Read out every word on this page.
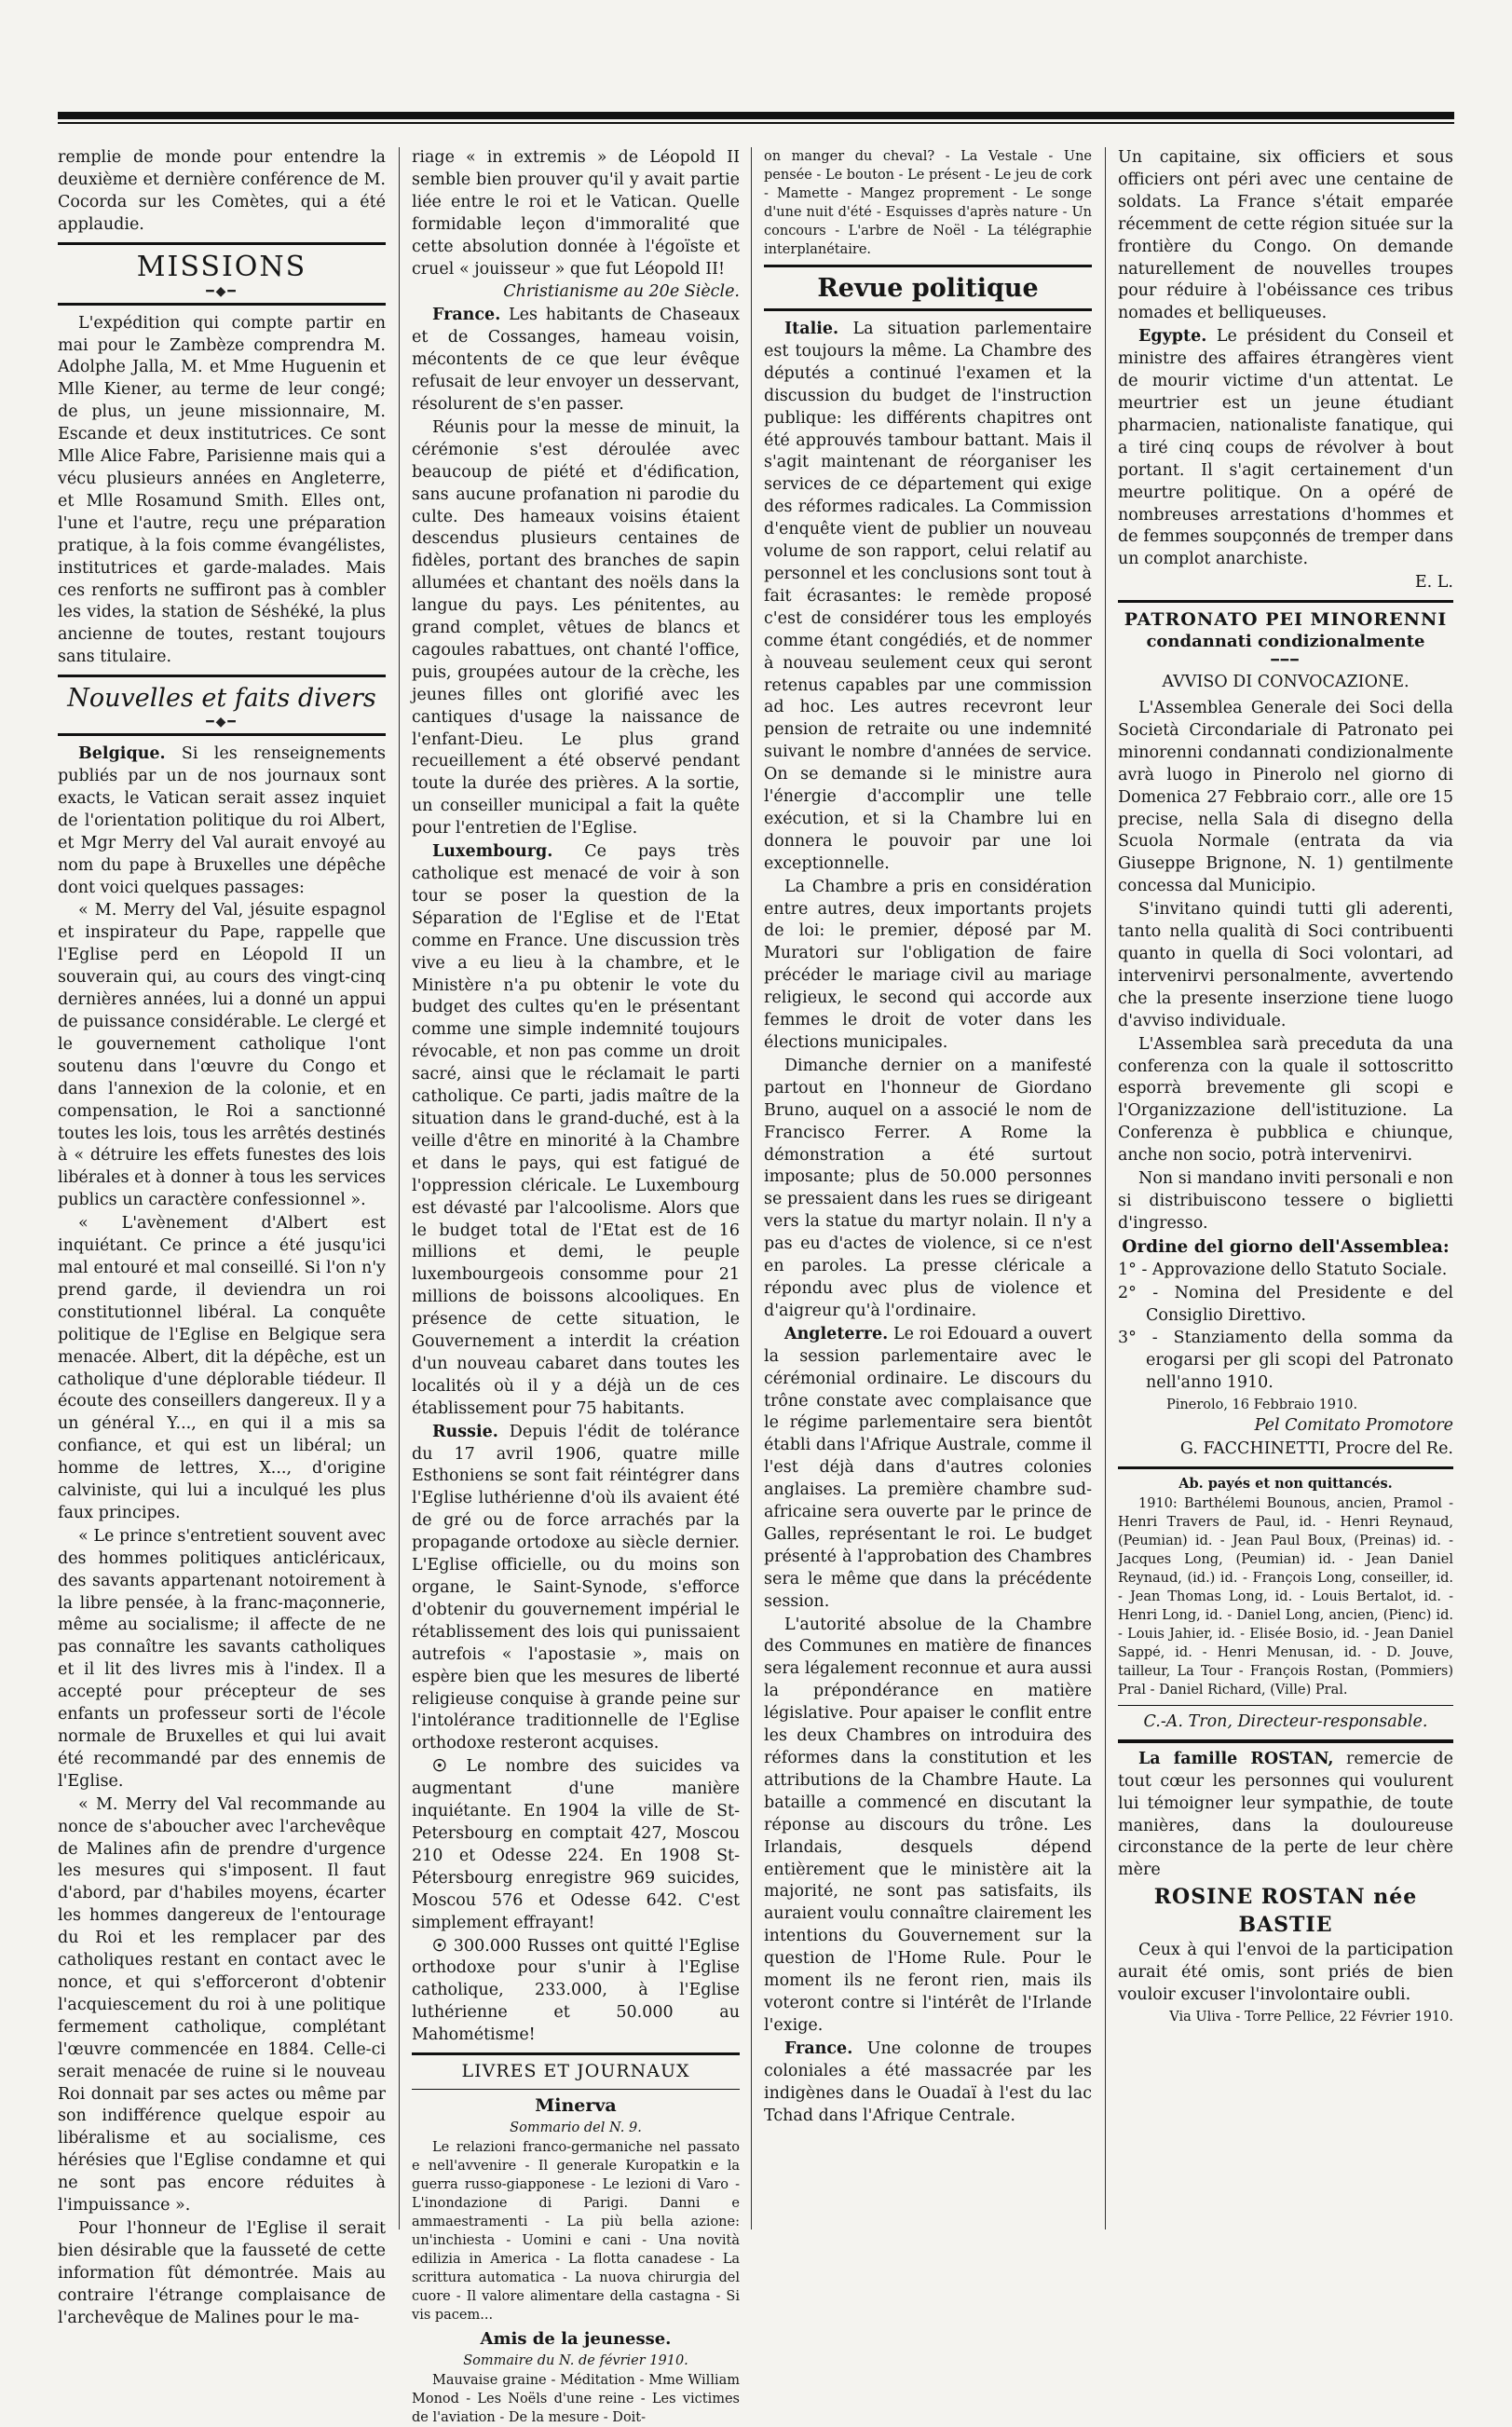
remplie de monde pour entendre la deuxième et dernière conférence de M. Cocorda sur les Comètes, qui a été applaudie.

MISSIONS
━◆━

L'expédition qui compte partir en mai pour le Zambèze comprendra M. Adolphe Jalla, M. et Mme Huguenin et Mlle Kiener, au terme de leur congé; de plus, un jeune missionnaire, M. Escande et deux institutrices. Ce sont Mlle Alice Fabre, Parisienne mais qui a vécu plusieurs années en Angleterre, et Mlle Rosamund Smith. Elles ont, l'une et l'autre, reçu une préparation pratique, à la fois comme évangélistes, institutrices et garde-malades. Mais ces renforts ne suffiront pas à combler les vides, la station de Séshéké, la plus ancienne de toutes, restant toujours sans titulaire.

Nouvelles et faits divers
━◆━

Belgique. Si les renseignements publiés par un de nos journaux sont exacts, le Vatican serait assez inquiet de l'orientation politique du roi Albert, et Mgr Merry del Val aurait envoyé au nom du pape à Bruxelles une dépêche dont voici quelques passages:

« M. Merry del Val, jésuite espagnol et inspirateur du Pape, rappelle que l'Eglise perd en Léopold II un souverain qui, au cours des vingt-cinq dernières années, lui a donné un appui de puissance considérable. Le clergé et le gouvernement catholique l'ont soutenu dans l'œuvre du Congo et dans l'annexion de la colonie, et en compensation, le Roi a sanctionné toutes les lois, tous les arrêtés destinés à « détruire les effets funestes des lois libérales et à donner à tous les services publics un caractère confessionnel ».

« L'avènement d'Albert est inquiétant. Ce prince a été jusqu'ici mal entouré et mal conseillé. Si l'on n'y prend garde, il deviendra un roi constitutionnel libéral. La conquête politique de l'Eglise en Belgique sera menacée. Albert, dit la dépêche, est un catholique d'une déplorable tiédeur. Il écoute des conseillers dangereux. Il y a un général Y..., en qui il a mis sa confiance, et qui est un libéral; un homme de lettres, X..., d'origine calviniste, qui lui a inculqué les plus faux principes.

« Le prince s'entretient souvent avec des hommes politiques anticléricaux, des savants appartenant notoirement à la libre pensée, à la franc-maçonnerie, même au socialisme; il affecte de ne pas connaître les savants catholiques et il lit des livres mis à l'index. Il a accepté pour précepteur de ses enfants un professeur sorti de l'école normale de Bruxelles et qui lui avait été recommandé par des ennemis de l'Eglise.

« M. Merry del Val recommande au nonce de s'aboucher avec l'archevêque de Malines afin de prendre d'urgence les mesures qui s'imposent. Il faut d'abord, par d'habiles moyens, écarter les hommes dangereux de l'entourage du Roi et les remplacer par des catholiques restant en contact avec le nonce, et qui s'efforceront d'obtenir l'acquiescement du roi à une politique fermement catholique, complétant l'œuvre commencée en 1884. Celle-ci serait menacée de ruine si le nouveau Roi donnait par ses actes ou même par son indifférence quelque espoir au libéralisme et au socialisme, ces hérésies que l'Eglise condamne et qui ne sont pas encore réduites à l'impuissance ».

Pour l'honneur de l'Eglise il serait bien désirable que la fausseté de cette information fût démontrée. Mais au contraire l'étrange complaisance de l'archevêque de Malines pour le ma-

riage « in extremis » de Léopold II semble bien prouver qu'il y avait partie liée entre le roi et le Vatican. Quelle formidable leçon d'immoralité que cette absolution donnée à l'égoïste et cruel « jouisseur » que fut Léopold II!

Christianisme au 20e Siècle.

France. Les habitants de Chaseaux et de Cossanges, hameau voisin, mécontents de ce que leur évêque refusait de leur envoyer un desservant, résolurent de s'en passer.

Réunis pour la messe de minuit, la cérémonie s'est déroulée avec beaucoup de piété et d'édification, sans aucune profanation ni parodie du culte. Des hameaux voisins étaient descendus plusieurs centaines de fidèles, portant des branches de sapin allumées et chantant des noëls dans la langue du pays. Les pénitentes, au grand complet, vêtues de blancs et cagoules rabattues, ont chanté l'office, puis, groupées autour de la crèche, les jeunes filles ont glorifié avec les cantiques d'usage la naissance de l'enfant-Dieu. Le plus grand recueillement a été observé pendant toute la durée des prières. A la sortie, un conseiller municipal a fait la quête pour l'entretien de l'Eglise.

Luxembourg. Ce pays très catholique est menacé de voir à son tour se poser la question de la Séparation de l'Eglise et de l'Etat comme en France. Une discussion très vive a eu lieu à la chambre, et le Ministère n'a pu obtenir le vote du budget des cultes qu'en le présentant comme une simple indemnité toujours révocable, et non pas comme un droit sacré, ainsi que le réclamait le parti catholique. Ce parti, jadis maître de la situation dans le grand-duché, est à la veille d'être en minorité à la Chambre et dans le pays, qui est fatigué de l'oppression cléricale. Le Luxembourg est dévasté par l'alcoolisme. Alors que le budget total de l'Etat est de 16 millions et demi, le peuple luxembourgeois consomme pour 21 millions de boissons alcooliques. En présence de cette situation, le Gouvernement a interdit la création d'un nouveau cabaret dans toutes les localités où il y a déjà un de ces établissement pour 75 habitants.

Russie. Depuis l'édit de tolérance du 17 avril 1906, quatre mille Esthoniens se sont fait réintégrer dans l'Eglise luthérienne d'où ils avaient été de gré ou de force arrachés par la propagande ortodoxe au siècle dernier. L'Eglise officielle, ou du moins son organe, le Saint-Synode, s'efforce d'obtenir du gouvernement impérial le rétablissement des lois qui punissaient autrefois « l'apostasie », mais on espère bien que les mesures de liberté religieuse conquise à grande peine sur l'intolérance traditionnelle de l'Eglise orthodoxe resteront acquises.

☉ Le nombre des suicides va augmentant d'une manière inquiétante. En 1904 la ville de St-Petersbourg en comptait 427, Moscou 210 et Odesse 224. En 1908 St-Pétersbourg enregistre 969 suicides, Moscou 576 et Odesse 642. C'est simplement effrayant!

☉ 300.000 Russes ont quitté l'Eglise orthodoxe pour s'unir à l'Eglise catholique, 233.000, à l'Eglise luthérienne et 50.000 au Mahométisme!

LIVRES ET JOURNAUX

Minerva

Sommario del N. 9.

Le relazioni franco-germaniche nel passato e nell'avvenire - Il generale Kuropatkin e la guerra russo-giapponese - Le lezioni di Varo - L'inondazione di Parigi. Danni e ammaestramenti - La più bella azione: un'inchiesta - Uomini e cani - Una novità edilizia in America - La flotta canadese - La scrittura automatica - La nuova chirurgia del cuore - Il valore alimentare della castagna - Si vis pacem...

Amis de la jeunesse.

Sommaire du N. de février 1910.

Mauvaise graine - Méditation - Mme William Monod - Les Noëls d'une reine - Les victimes de l'aviation - De la mesure - Doit-

on manger du cheval? - La Vestale - Une pensée - Le bouton - Le présent - Le jeu de cork - Mamette - Mangez proprement - Le songe d'une nuit d'été - Esquisses d'après nature - Un concours - L'arbre de Noël - La télégraphie interplanétaire.

Revue politique

Italie. La situation parlementaire est toujours la même. La Chambre des députés a continué l'examen et la discussion du budget de l'instruction publique: les différents chapitres ont été approuvés tambour battant. Mais il s'agit maintenant de réorganiser les services de ce département qui exige des réformes radicales. La Commission d'enquête vient de publier un nouveau volume de son rapport, celui relatif au personnel et les conclusions sont tout à fait écrasantes: le remède proposé c'est de considérer tous les employés comme étant congédiés, et de nommer à nouveau seulement ceux qui seront retenus capables par une commission ad hoc. Les autres recevront leur pension de retraite ou une indemnité suivant le nombre d'années de service. On se demande si le ministre aura l'énergie d'accomplir une telle exécution, et si la Chambre lui en donnera le pouvoir par une loi exceptionnelle.

La Chambre a pris en considération entre autres, deux importants projets de loi: le premier, déposé par M. Muratori sur l'obligation de faire précéder le mariage civil au mariage religieux, le second qui accorde aux femmes le droit de voter dans les élections municipales.

Dimanche dernier on a manifesté partout en l'honneur de Giordano Bruno, auquel on a associé le nom de Francisco Ferrer. A Rome la démonstration a été surtout imposante; plus de 50.000 personnes se pressaient dans les rues se dirigeant vers la statue du martyr nolain. Il n'y a pas eu d'actes de violence, si ce n'est en paroles. La presse cléricale a répondu avec plus de violence et d'aigreur qu'à l'ordinaire.

Angleterre. Le roi Edouard a ouvert la session parlementaire avec le cérémonial ordinaire. Le discours du trône constate avec complaisance que le régime parlementaire sera bientôt établi dans l'Afrique Australe, comme il l'est déjà dans d'autres colonies anglaises. La première chambre sud-africaine sera ouverte par le prince de Galles, représentant le roi. Le budget présenté à l'approbation des Chambres sera le même que dans la précédente session.

L'autorité absolue de la Chambre des Communes en matière de finances sera légalement reconnue et aura aussi la prépondérance en matière législative. Pour apaiser le conflit entre les deux Chambres on introduira des réformes dans la constitution et les attributions de la Chambre Haute. La bataille a commencé en discutant la réponse au discours du trône. Les Irlandais, desquels dépend entièrement que le ministère ait la majorité, ne sont pas satisfaits, ils auraient voulu connaître clairement les intentions du Gouvernement sur la question de l'Home Rule. Pour le moment ils ne feront rien, mais ils voteront contre si l'intérêt de l'Irlande l'exige.

France. Une colonne de troupes coloniales a été massacrée par les indigènes dans le Ouadaï à l'est du lac Tchad dans l'Afrique Centrale.

Un capitaine, six officiers et sous officiers ont péri avec une centaine de soldats. La France s'était emparée récemment de cette région située sur la frontière du Congo. On demande naturellement de nouvelles troupes pour réduire à l'obéissance ces tribus nomades et belliqueuses.

Egypte. Le président du Conseil et ministre des affaires étrangères vient de mourir victime d'un attentat. Le meurtrier est un jeune étudiant pharmacien, nationaliste fanatique, qui a tiré cinq coups de révolver à bout portant. Il s'agit certainement d'un meurtre politique. On a opéré de nombreuses arrestations d'hommes et de femmes soupçonnés de tremper dans un complot anarchiste.

E. L.

PATRONATO PEI MINORENNI
condannati condizionalmente
━━━

AVVISO DI CONVOCAZIONE.

L'Assemblea Generale dei Soci della Società Circondariale di Patronato pei minorenni condannati condizionalmente avrà luogo in Pinerolo nel giorno di Domenica 27 Febbraio corr., alle ore 15 precise, nella Sala di disegno della Scuola Normale (entrata da via Giuseppe Brignone, N. 1) gentilmente concessa dal Municipio.

S'invitano quindi tutti gli aderenti, tanto nella qualità di Soci contribuenti quanto in quella di Soci volontari, ad intervenirvi personalmente, avvertendo che la presente inserzione tiene luogo d'avviso individuale.

L'Assemblea sarà preceduta da una conferenza con la quale il sottoscritto esporrà brevemente gli scopi e l'Organizzazione dell'istituzione. La Conferenza è pubblica e chiunque, anche non socio, potrà intervenirvi.

Non si mandano inviti personali e non si distribuiscono tessere o biglietti d'ingresso.

Ordine del giorno dell'Assemblea:

1° - Approvazione dello Statuto Sociale.

2° - Nomina del Presidente e del Consiglio Direttivo.

3° - Stanziamento della somma da erogarsi per gli scopi del Patronato nell'anno 1910.

Pinerolo, 16 Febbraio 1910.

Pel Comitato Promotore

G. FACCHINETTI, Procre del Re.

Ab. payés et non quittancés.

1910: Barthélemi Bounous, ancien, Pramol - Henri Travers de Paul, id. - Henri Reynaud, (Peumian) id. - Jean Paul Boux, (Preinas) id. - Jacques Long, (Peumian) id. - Jean Daniel Reynaud, (id.) id. - François Long, conseiller, id. - Jean Thomas Long, id. - Louis Bertalot, id. - Henri Long, id. - Daniel Long, ancien, (Pienc) id. - Louis Jahier, id. - Elisée Bosio, id. - Jean Daniel Sappé, id. - Henri Menusan, id. - D. Jouve, tailleur, La Tour - François Rostan, (Pommiers) Pral - Daniel Richard, (Ville) Pral.

C.-A. Tron, Directeur-responsable.

La famille ROSTAN, remercie de tout cœur les personnes qui voulurent lui témoigner leur sympathie, de toute manières, dans la douloureuse circonstance de la perte de leur chère mère

ROSINE ROSTAN née BASTIE

Ceux à qui l'envoi de la participation aurait été omis, sont priés de bien vouloir excuser l'involontaire oubli.

Via Uliva - Torre Pellice, 22 Février 1910.
